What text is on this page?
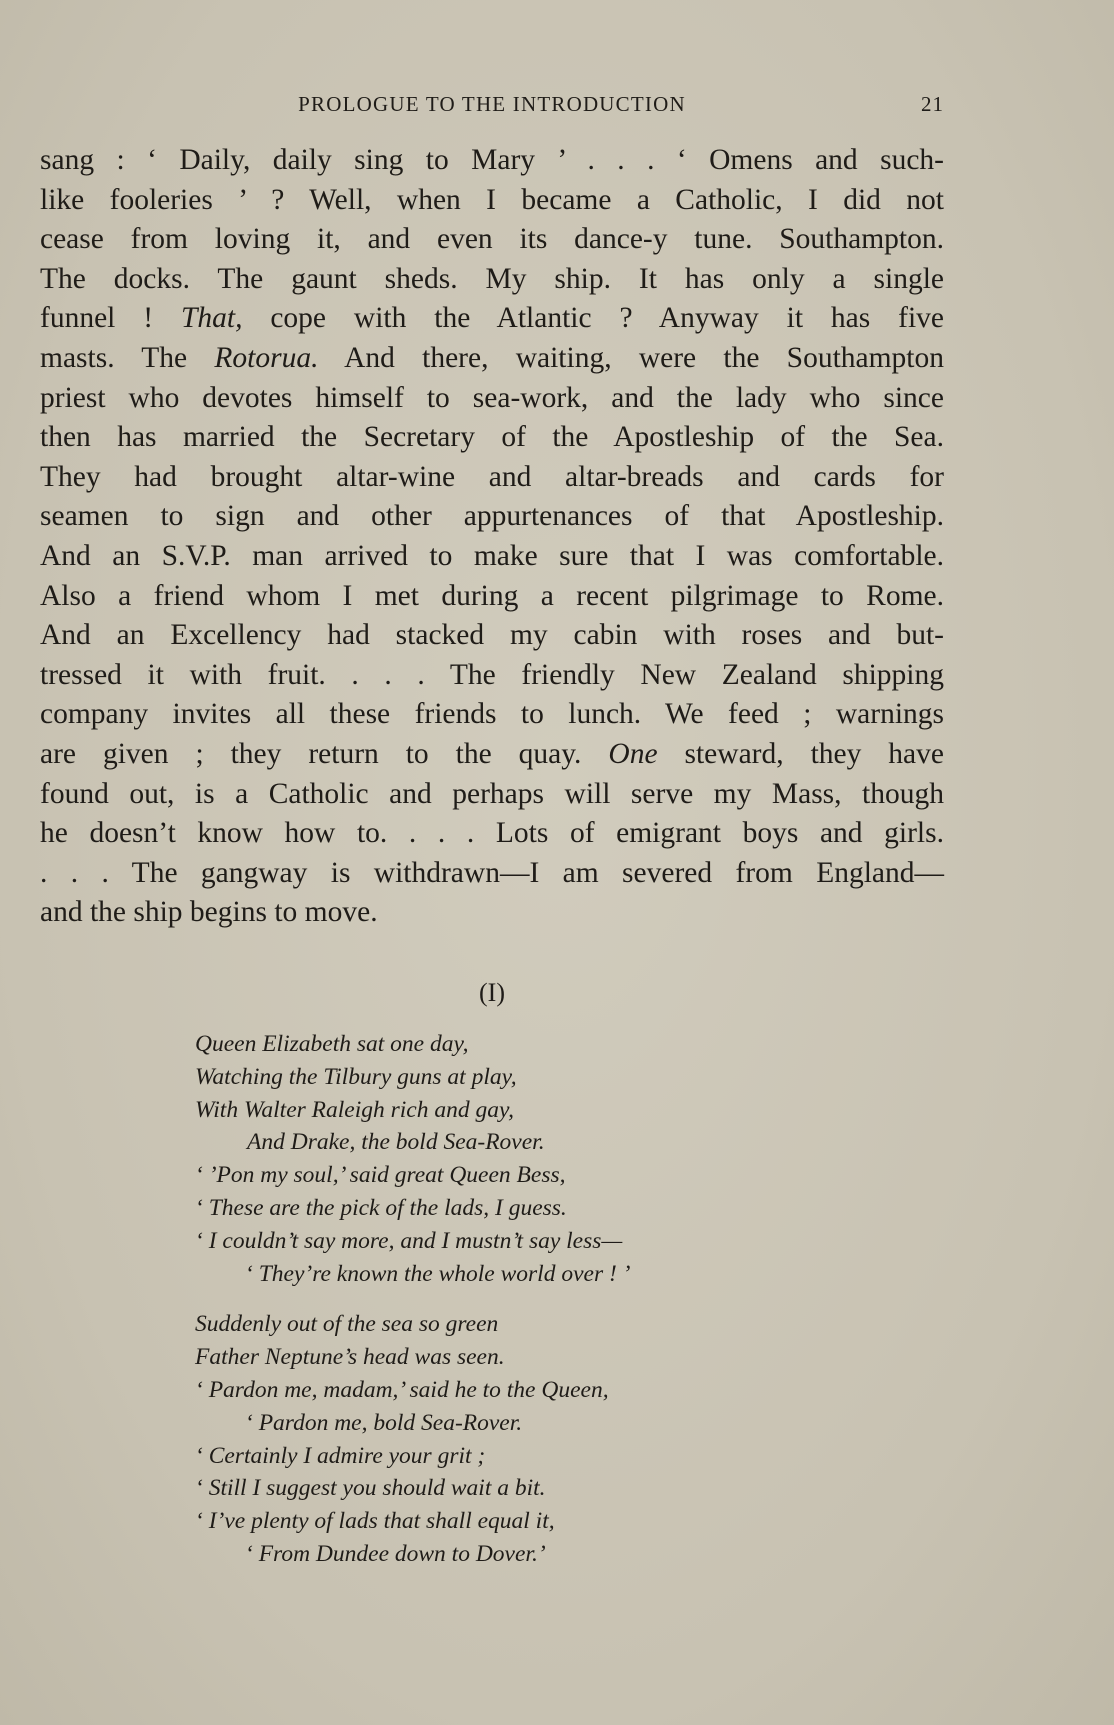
PROLOGUE TO THE INTRODUCTION	21
sang : ‘ Daily, daily sing to Mary ’ . . . ‘ Omens and such-
like fooleries ’ ? Well, when I became a Catholic, I did not
cease from loving it, and even its dance-y tune. Southampton.
The docks. The gaunt sheds. My ship. It has only a single
funnel ! That, cope with the Atlantic ? Anyway it has five
masts. The Rotorua. And there, waiting, were the Southampton
priest who devotes himself to sea-work, and the lady who since
then has married the Secretary of the Apostleship of the Sea.
They had brought altar-wine and altar-breads and cards for
seamen to sign and other appurtenances of that Apostleship.
And an S.V.P. man arrived to make sure that I was comfortable.
Also a friend whom I met during a recent pilgrimage to Rome.
And an Excellency had stacked my cabin with roses and but-
tressed it with fruit. . . . The friendly New Zealand shipping
company invites all these friends to lunch. We feed ; warnings
are given ; they return to the quay. One steward, they have
found out, is a Catholic and perhaps will serve my Mass, though
he doesn’t know how to. . . . Lots of emigrant boys and girls.
. . . The gangway is withdrawn—I am severed from England—
and the ship begins to move.
(I)
Queen Elizabeth sat one day,
Watching the Tilbury guns at play,
With Walter Raleigh rich and gay,
And Drake, the bold Sea-Rover.
‘ ’Pon my soul,’ said great Queen Bess,
‘ These are the pick of the lads, I guess.
‘ I couldn’t say more, and I mustn’t say less—
‘ They’re known the whole world over ! ’
Suddenly out of the sea so green
Father Neptune’s head was seen.
‘ Pardon me, madam,’ said he to the Queen,
‘ Pardon me, bold Sea-Rover.
‘ Certainly I admire your grit ;
‘ Still I suggest you should wait a bit.
‘ I’ve plenty of lads that shall equal it,
‘ From Dundee down to Dover.’
